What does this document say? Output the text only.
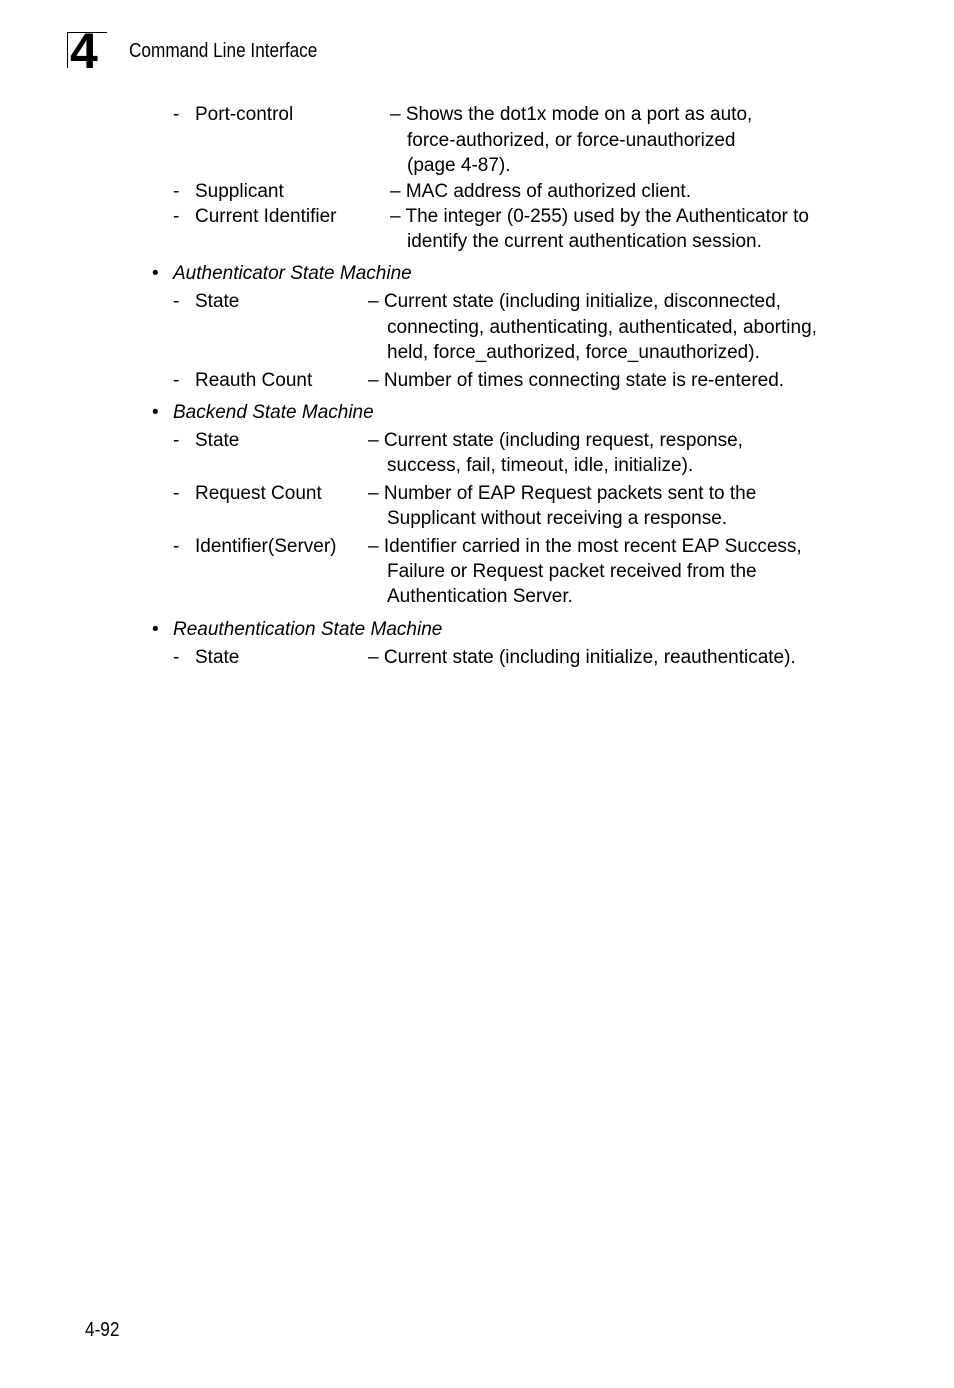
4 Command Line Interface
- Port-control	– Shows the dot1x mode on a port as auto,
force-authorized, or force-unauthorized
(page 4-87).
- Supplicant	– MAC address of authorized client.
- Current Identifier	– The integer (0-255) used by the Authenticator to
identify the current authentication session.
• Authenticator State Machine
- State	– Current state (including initialize, disconnected,
connecting, authenticating, authenticated, aborting,
held, force_authorized, force_unauthorized).
- Reauth Count	– Number of times connecting state is re-entered.
• Backend State Machine
- State	– Current state (including request, response,
success, fail, timeout, idle, initialize).
- Request Count – Number of EAP Request packets sent to the
Supplicant without receiving a response.
- Identifier(Server) – Identifier carried in the most recent EAP Success,
Failure or Request packet received from the
Authentication Server.
• Reauthentication State Machine
- State	– Current state (including initialize, reauthenticate).
4-92
